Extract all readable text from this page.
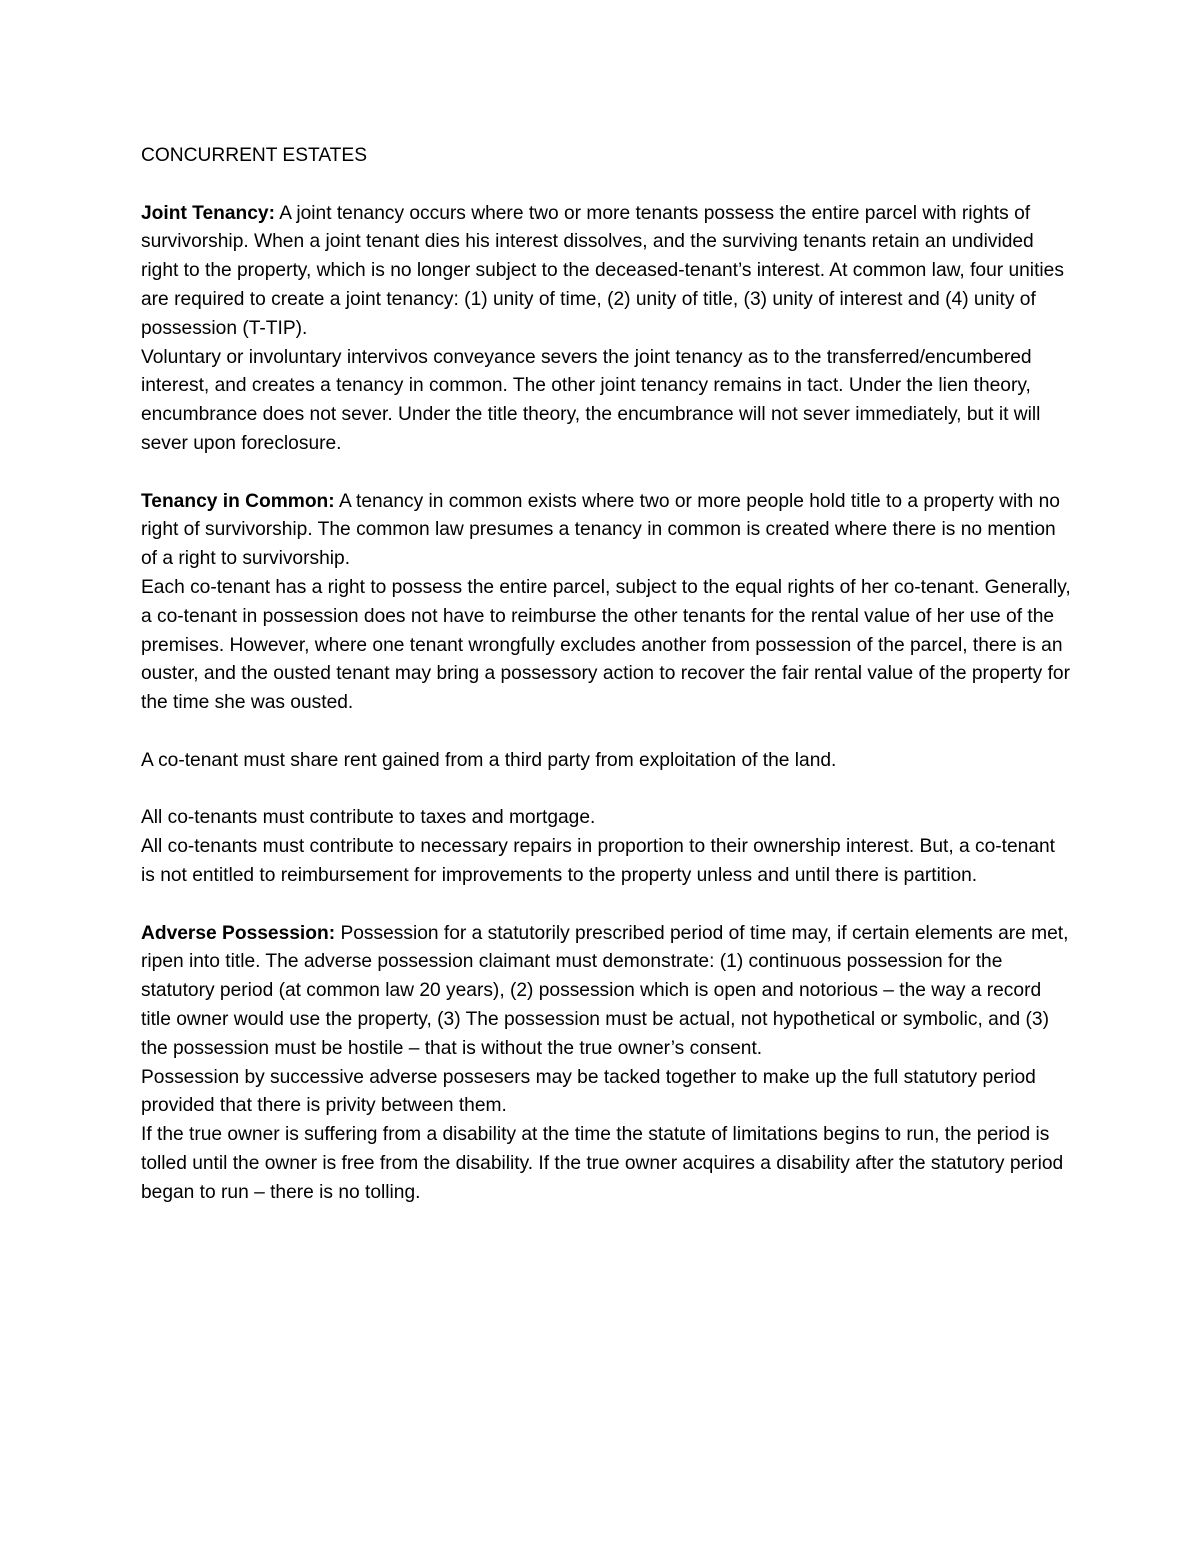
CONCURRENT ESTATES

Joint Tenancy: A joint tenancy occurs where two or more tenants possess the entire parcel with rights of survivorship. When a joint tenant dies his interest dissolves, and the surviving tenants retain an undivided right to the property, which is no longer subject to the deceased-tenant’s interest. At common law, four unities are required to create a joint tenancy: (1) unity of time, (2) unity of title, (3) unity of interest and (4) unity of possession (T-TIP).

Voluntary or involuntary intervivos conveyance severs the joint tenancy as to the transferred/encumbered interest, and creates a tenancy in common. The other joint tenancy remains in tact. Under the lien theory, encumbrance does not sever. Under the title theory, the encumbrance will not sever immediately, but it will sever upon foreclosure.

Tenancy in Common: A tenancy in common exists where two or more people hold title to a property with no right of survivorship. The common law presumes a tenancy in common is created where there is no mention of a right to survivorship.

Each co-tenant has a right to possess the entire parcel, subject to the equal rights of her co-tenant. Generally, a co-tenant in possession does not have to reimburse the other tenants for the rental value of her use of the premises. However, where one tenant wrongfully excludes another from possession of the parcel, there is an ouster, and the ousted tenant may bring a possessory action to recover the fair rental value of the property for the time she was ousted.

A co-tenant must share rent gained from a third party from exploitation of the land.

All co-tenants must contribute to taxes and mortgage.

All co-tenants must contribute to necessary repairs in proportion to their ownership interest. But, a co-tenant is not entitled to reimbursement for improvements to the property unless and until there is partition.

Adverse Possession: Possession for a statutorily prescribed period of time may, if certain elements are met, ripen into title. The adverse possession claimant must demonstrate: (1) continuous possession for the statutory period (at common law 20 years), (2) possession which is open and notorious – the way a record title owner would use the property, (3) The possession must be actual, not hypothetical or symbolic, and (3) the possession must be hostile – that is without the true owner’s consent.

Possession by successive adverse possesers may be tacked together to make up the full statutory period provided that there is privity between them.

If the true owner is suffering from a disability at the time the statute of limitations begins to run, the period is tolled until the owner is free from the disability. If the true owner acquires a disability after the statutory period began to run – there is no tolling.
